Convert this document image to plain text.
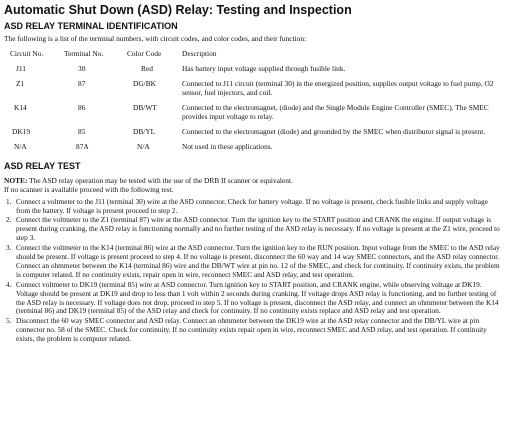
Automatic Shut Down (ASD) Relay: Testing and Inspection
ASD RELAY TERMINAL IDENTIFICATION

The following is a list of the terminal numbers, with circuit codes, and color codes, and their function:

Circuit No.	Terminal No.	Color Code	Description
J11	30	Red	Has battery input voltage supplied through fusible link.
Z1	87	DG/BK	Connected to J11 circuit (terminal 30) in the energized position, supplies output voltage to fuel pump, O2 sensor, fuel injectors, and coil.
K14	86	DB/WT	Connected to the electromagnet, (diode) and the Single Module Engine Controller (SMEC). The SMEC provides input voltage to relay.
DK19	85	DB/YL	Connected to the electromagnet (diode) and grounded by the SMEC when distributor signal is present.
N/A	87A	N/A	Not used in these applications.
ASD RELAY TEST

NOTE: The ASD relay operation may be tested with the use of the DRB II scanner or equivalent.

If no scanner is available proceed with the following test.

1. Connect a voltmeter to the J11 (terminal 30) wire at the ASD connector. Check for battery voltage. If no voltage is present, check fusible links and supply voltage from the battery. If voltage is present proceed to step 2.
2. Connect the voltmeter to the Z1 (terminal 87) wire at the ASD connector. Turn the ignition key to the START position and CRANK the engine. If output voltage is present during cranking, the ASD relay is functioning normally and no further testing of the ASD relay is necessary. If no voltage is present at the Z1 wire, proceed to step 3.
3. Connect the voltmeter to the K14 (terminal 86) wire at the ASD connector. Turn the ignition key to the RUN position. Input voltage from the SMEC to the ASD relay should be present. If voltage is present proceed to step 4. If no voltage is present, disconnect the 60 way and 14 way SMEC connectors, and the ASD relay connector. Connect an ohmmeter between the K14 (terminal 86) wire and the DB/WT wire at pin no. 12 of the SMEC, and check for continuity. If continuity exists, the problem is computer related. If no continuity exists, repair open in wire, reconnect SMEC and ASD relay, and test operation.
4. Connect voltmeter to DK19 (terminal 85) wire at ASD connector. Turn ignition key to START position, and CRANK engine, while observing voltage at DK19. Voltage should be present at DK19 and drop to less than 1 volt within 2 seconds during cranking. If voltage drops ASD relay is functioning, and no further testing of the ASD relay is necessary. If voltage does not drop, proceed to step 5. If no voltage is present, disconnect the ASD relay, and connect an ohmmeter between the K14 (terminal 86) and DK19 (terminal 85) of the ASD relay and check for continuity. If no continuity exists replace and ASD relay and test operation.
5. Disconnect the 60 way SMEC connector and ASD relay. Connect an ohmmeter between the DK19 wire at the ASD relay connector and the DB/YL wire at pin connector no. 58 of the SMEC. Check for continuity. If no continuity exists repair open in wire, reconnect SMEC and ASD relay, and test operation. If continuity exists, the problem is computer related.
